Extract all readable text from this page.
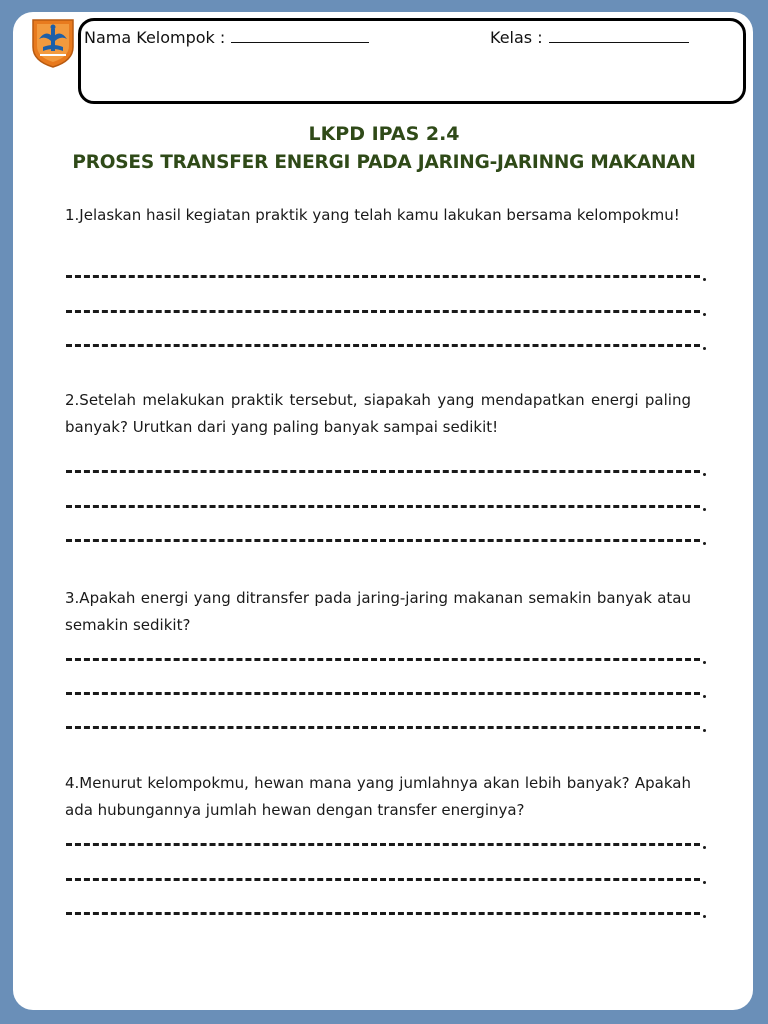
Nama Kelompok :	Kelas :
LKPD IPAS 2.4
PROSES TRANSFER ENERGI PADA JARING-JARINNG MAKANAN
1.Jelaskan hasil kegiatan praktik yang telah kamu lakukan bersama kelompokmu!
2.Setelah melakukan praktik tersebut, siapakah yang mendapatkan energi paling banyak? Urutkan dari yang paling banyak sampai sedikit!
3.Apakah energi yang ditransfer pada jaring-jaring makanan semakin banyak atau semakin sedikit?
4.Menurut kelompokmu, hewan mana yang jumlahnya akan lebih banyak? Apakah ada hubungannya jumlah hewan dengan transfer energinya?
